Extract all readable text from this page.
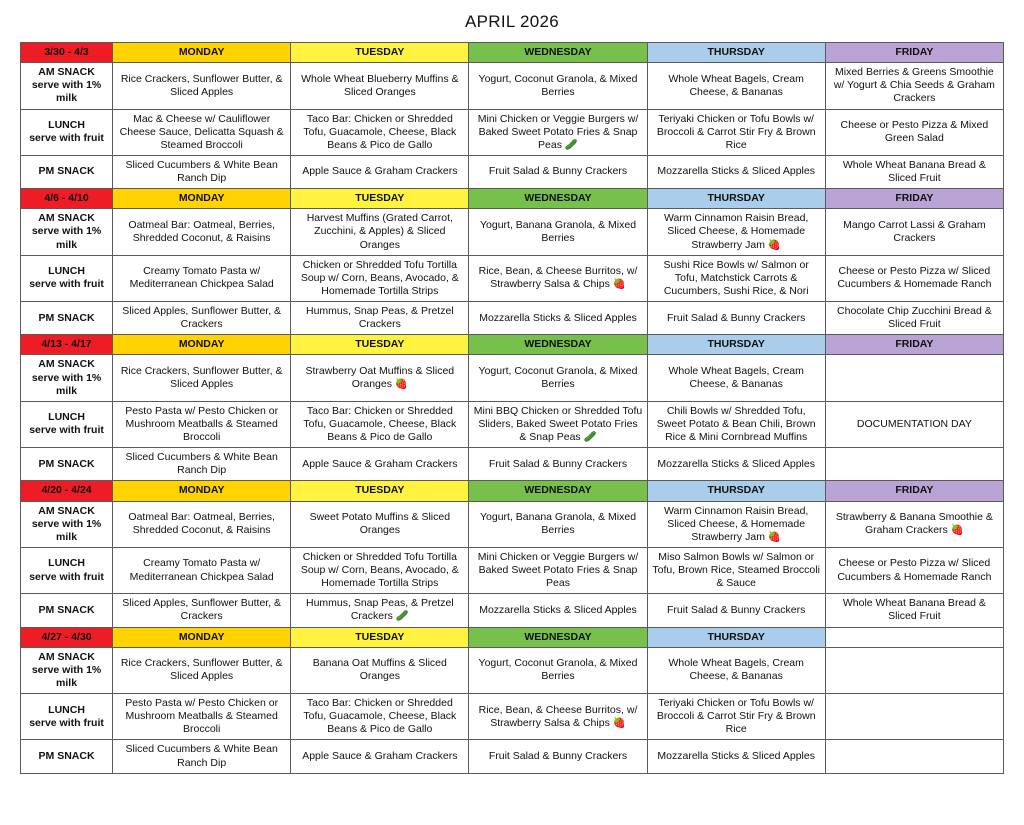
APRIL 2026
3/30 - 4/3	MONDAY	TUESDAY	WEDNESDAY	THURSDAY	FRIDAY

AM SNACK
serve with 1% milk	Rice Crackers, Sunflower Butter, & Sliced Apples	Whole Wheat Blueberry Muffins & Sliced Oranges	Yogurt, Coconut Granola, & Mixed Berries	Whole Wheat Bagels, Cream Cheese, & Bananas	Mixed Berries & Greens Smoothie w/ Yogurt & Chia Seeds & Graham Crackers

LUNCH
serve with fruit	Mac & Cheese w/ Cauliflower Cheese Sauce, Delicatta Squash & Steamed Broccoli	Taco Bar: Chicken or Shredded Tofu, Guacamole, Cheese, Black Beans & Pico de Gallo	Mini Chicken or Veggie Burgers w/ Baked Sweet Potato Fries & Snap Peas 🥒	Teriyaki Chicken or Tofu Bowls w/ Broccoli & Carrot Stir Fry & Brown Rice	Cheese or Pesto Pizza & Mixed Green Salad
PM SNACK	Sliced Cucumbers & White Bean Ranch Dip	Apple Sauce & Graham Crackers	Fruit Salad & Bunny Crackers	Mozzarella Sticks & Sliced Apples	Whole Wheat Banana Bread & Sliced Fruit
4/6 - 4/10	MONDAY	TUESDAY	WEDNESDAY	THURSDAY	FRIDAY

AM SNACK
serve with 1% milk	Oatmeal Bar: Oatmeal, Berries, Shredded Coconut, & Raisins	Harvest Muffins (Grated Carrot, Zucchini, & Apples) & Sliced Oranges	Yogurt, Banana Granola, & Mixed Berries	Warm Cinnamon Raisin Bread, Sliced Cheese, & Homemade Strawberry Jam 🍓	Mango Carrot Lassi & Graham Crackers

LUNCH
serve with fruit	Creamy Tomato Pasta w/ Mediterranean Chickpea Salad	Chicken or Shredded Tofu Tortilla Soup w/ Corn, Beans, Avocado, & Homemade Tortilla Strips	Rice, Bean, & Cheese Burritos, w/ Strawberry Salsa & Chips 🍓	Sushi Rice Bowls w/ Salmon or Tofu, Matchstick Carrots & Cucumbers, Sushi Rice, & Nori	Cheese or Pesto Pizza w/ Sliced Cucumbers & Homemade Ranch
PM SNACK	Sliced Apples, Sunflower Butter, & Crackers	Hummus, Snap Peas, & Pretzel Crackers	Mozzarella Sticks & Sliced Apples	Fruit Salad & Bunny Crackers	Chocolate Chip Zucchini Bread & Sliced Fruit
4/13 - 4/17	MONDAY	TUESDAY	WEDNESDAY	THURSDAY	FRIDAY

AM SNACK
serve with 1% milk	Rice Crackers, Sunflower Butter, & Sliced Apples	Strawberry Oat Muffins & Sliced Oranges 🍓	Yogurt, Coconut Granola, & Mixed Berries	Whole Wheat Bagels, Cream Cheese, & Bananas	

LUNCH
serve with fruit	Pesto Pasta w/ Pesto Chicken or Mushroom Meatballs & Steamed Broccoli	Taco Bar: Chicken or Shredded Tofu, Guacamole, Cheese, Black Beans & Pico de Gallo	Mini BBQ Chicken or Shredded Tofu Sliders, Baked Sweet Potato Fries & Snap Peas 🥒	Chili Bowls w/ Shredded Tofu, Sweet Potato & Bean Chili, Brown Rice & Mini Cornbread Muffins	DOCUMENTATION DAY
PM SNACK	Sliced Cucumbers & White Bean Ranch Dip	Apple Sauce & Graham Crackers	Fruit Salad & Bunny Crackers	Mozzarella Sticks & Sliced Apples	
4/20 - 4/24	MONDAY	TUESDAY	WEDNESDAY	THURSDAY	FRIDAY

AM SNACK
serve with 1% milk	Oatmeal Bar: Oatmeal, Berries, Shredded Coconut, & Raisins	Sweet Potato Muffins & Sliced Oranges	Yogurt, Banana Granola, & Mixed Berries	Warm Cinnamon Raisin Bread, Sliced Cheese, & Homemade Strawberry Jam 🍓	Strawberry & Banana Smoothie & Graham Crackers 🍓

LUNCH
serve with fruit	Creamy Tomato Pasta w/ Mediterranean Chickpea Salad	Chicken or Shredded Tofu Tortilla Soup w/ Corn, Beans, Avocado, & Homemade Tortilla Strips	Mini Chicken or Veggie Burgers w/ Baked Sweet Potato Fries & Snap Peas	Miso Salmon Bowls w/ Salmon or Tofu, Brown Rice, Steamed Broccoli & Sauce	Cheese or Pesto Pizza w/ Sliced Cucumbers & Homemade Ranch
PM SNACK	Sliced Apples, Sunflower Butter, & Crackers	Hummus, Snap Peas, & Pretzel Crackers 🥒	Mozzarella Sticks & Sliced Apples	Fruit Salad & Bunny Crackers	Whole Wheat Banana Bread & Sliced Fruit
4/27 - 4/30	MONDAY	TUESDAY	WEDNESDAY	THURSDAY	

AM SNACK
serve with 1% milk	Rice Crackers, Sunflower Butter, & Sliced Apples	Banana Oat Muffins & Sliced Oranges	Yogurt, Coconut Granola, & Mixed Berries	Whole Wheat Bagels, Cream Cheese, & Bananas	

LUNCH
serve with fruit	Pesto Pasta w/ Pesto Chicken or Mushroom Meatballs & Steamed Broccoli	Taco Bar: Chicken or Shredded Tofu, Guacamole, Cheese, Black Beans & Pico de Gallo	Rice, Bean, & Cheese Burritos, w/ Strawberry Salsa & Chips 🍓	Teriyaki Chicken or Tofu Bowls w/ Broccoli & Carrot Stir Fry & Brown Rice	
PM SNACK	Sliced Cucumbers & White Bean Ranch Dip	Apple Sauce & Graham Crackers	Fruit Salad & Bunny Crackers	Mozzarella Sticks & Sliced Apples	
